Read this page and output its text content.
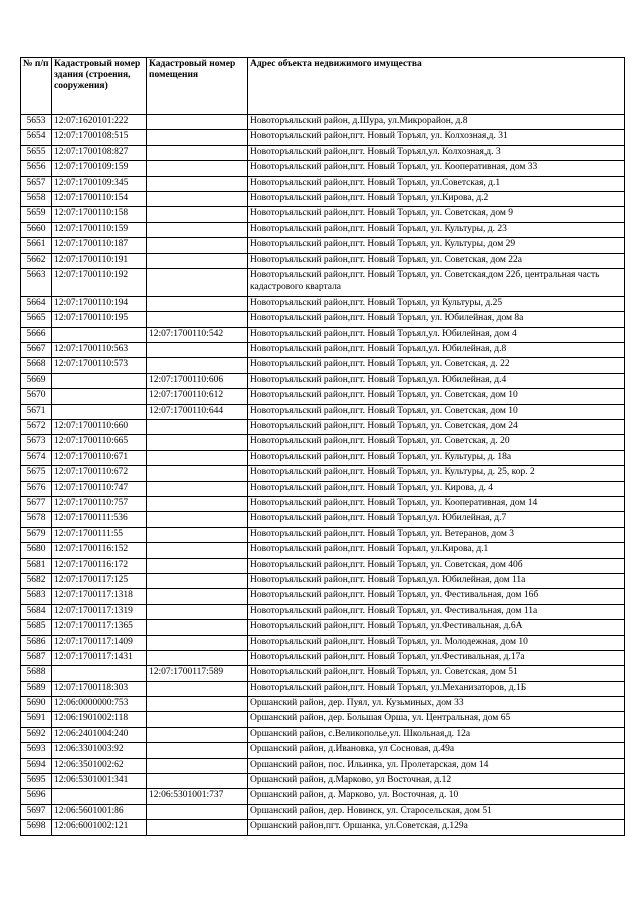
№ п/п	Кадастровый номер здания (строения, сооружения)	Кадастровый номер помещения	Адрес объекта недвижимого имущества
5653	12:07:1620101:222		Новоторъяльский район, д.Шура, ул.Микрорайон, д.8
5654	12:07:1700108:515		Новоторъяльский район,пгт. Новый Торъял, ул. Колхозная,д. 31
5655	12:07:1700108:827		Новоторъяльский район,пгт. Новый Торъял,ул. Колхозная,д. 3
5656	12:07:1700109:159		Новоторъяльский район,пгт. Новый Торъял, ул. Кооперативная, дом 33
5657	12:07:1700109:345		Новоторъяльский район,пгт. Новый Торъял, ул.Советская, д.1
5658	12:07:1700110:154		Новоторъяльский район,пгт. Новый Торъял, ул.Кирова, д.2
5659	12:07:1700110:158		Новоторъяльский район,пгт. Новый Торъял, ул. Советская, дом 9
5660	12:07:1700110:159		Новоторъяльский район,пгт. Новый Торъял, ул. Культуры, д. 23
5661	12:07:1700110:187		Новоторъяльский район,пгт. Новый Торъял, ул. Культуры, дом 29
5662	12:07:1700110:191		Новоторъяльский район,пгт. Новый Торъял, ул. Советская, дом 22а
5663	12:07:1700110:192		Новоторъяльский район,пгт. Новый Торъял, ул. Советская,дом 22б, центральная часть кадастрового квартала
5664	12:07:1700110:194		Новоторъяльский район,пгт. Новый Торъял, ул Культуры, д.25
5665	12:07:1700110:195		Новоторъяльский район,пгт. Новый Торъял, ул. Юбилейная, дом 8а
5666		12:07:1700110:542	Новоторъяльский район,пгт. Новый Торъял,ул. Юбилейная, дом 4
5667	12:07:1700110:563		Новоторъяльский район,пгт. Новый Торъял,ул. Юбилейная, д.8
5668	12:07:1700110:573		Новоторъяльский район,пгт. Новый Торъял, ул. Советская, д. 22
5669		12:07:1700110:606	Новоторъяльский район,пгт. Новый Торъял,ул. Юбилейная, д.4
5670		12:07:1700110:612	Новоторъяльский район,пгт. Новый Торъял, ул. Советская, дом 10
5671		12:07:1700110:644	Новоторъяльский район,пгт. Новый Торъял, ул. Советская, дом 10
5672	12:07:1700110:660		Новоторъяльский район,пгт. Новый Торъял, ул. Советская, дом 24
5673	12:07:1700110:665		Новоторъяльский район,пгт. Новый Торъял, ул. Советская, д. 20
5674	12:07:1700110:671		Новоторъяльский район,пгт. Новый Торъял, ул. Культуры, д. 18а
5675	12:07:1700110:672		Новоторъяльский район,пгт. Новый Торъял, ул. Культуры, д. 25, кор. 2
5676	12:07:1700110:747		Новоторъяльский район,пгт. Новый Торъял, ул. Кирова, д. 4
5677	12:07:1700110:757		Новоторъяльский район,пгт. Новый Торъял, ул. Кооперативная, дом 14
5678	12:07:1700111:536		Новоторъяльский район,пгт. Новый Торъял,ул. Юбилейная, д.7
5679	12:07:1700111:55		Новоторъяльский район,пгт. Новый Торъял, ул. Ветеранов, дом 3
5680	12:07:1700116:152		Новоторъяльский район,пгт. Новый Торъял, ул.Кирова, д.1
5681	12:07:1700116:172		Новоторъяльский район,пгт. Новый Торъял, ул. Советская, дом 40б
5682	12:07:1700117:125		Новоторъяльский район,пгт. Новый Торъял,ул. Юбилейная, дом 11а
5683	12:07:1700117:1318		Новоторъяльский район,пгт. Новый Торъял, ул. Фестивальная, дом 16б
5684	12:07:1700117:1319		Новоторъяльский район,пгт. Новый Торъял, ул. Фестивальная, дом 11а
5685	12:07:1700117:1365		Новоторъяльский район,пгт. Новый Торъял, ул.Фестивальная, д.6А
5686	12:07:1700117:1409		Новоторъяльский район,пгт. Новый Торъял, ул. Молодежная, дом 10
5687	12:07:1700117:1431		Новоторъяльский район,пгт. Новый Торъял, ул.Фестивальная, д.17а
5688		12:07:1700117:589	Новоторъяльский район,пгт. Новый Торъял, ул. Советская, дом 51
5689	12:07:1700118:303		Новоторъяльский район,пгт. Новый Торъял, ул.Механизаторов, д.1Б
5690	12:06:0000000:753		Оршанский район, дер. Пуял, ул. Кузьминых, дом 33
5691	12:06:1901002:118		Оршанский район, дер. Большая Орша, ул. Центральная, дом 65
5692	12:06:2401004:240		Оршанский район, с.Великополье,ул. Школьная,д. 12а
5693	12:06:3301003:92		Оршанский район, д.Ивановка, ул Сосновая, д.49а
5694	12:06:3501002:62		Оршанский район, пос. Ильинка, ул. Пролетарская, дом 14
5695	12:06:5301001:341		Оршанский район, д.Марково, ул Восточная, д.12
5696		12:06:5301001:737	Оршанский район, д. Марково, ул. Восточная, д. 10
5697	12:06:5601001:86		Оршанский район, дер. Новинск, ул. Старосельская, дом 51
5698	12:06:6001002:121		Оршанский район,пгт. Оршанка, ул.Советская, д.129а
